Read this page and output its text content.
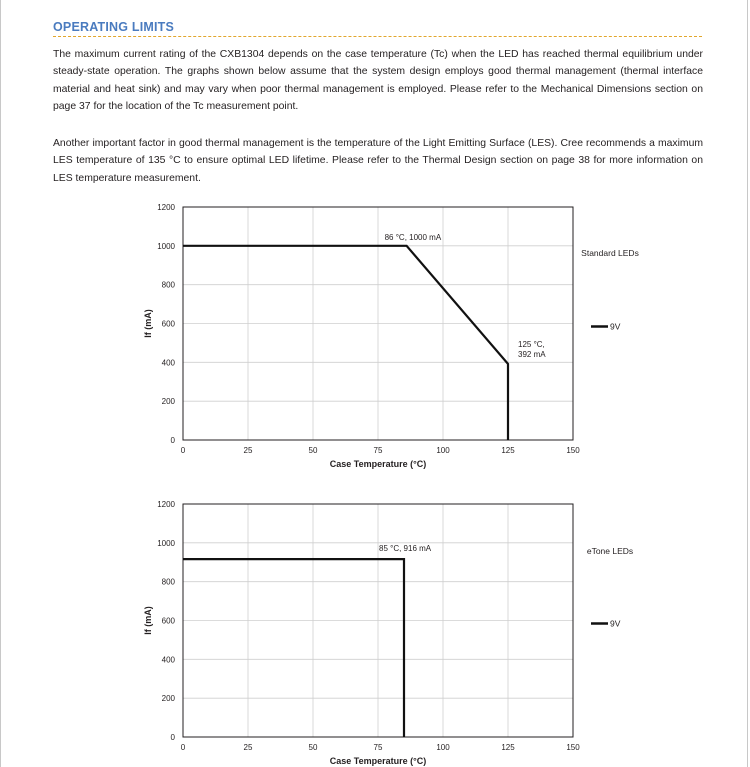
OPERATING LIMITS
The maximum current rating of the CXB1304 depends on the case temperature (Tc) when the LED has reached thermal equilibrium under steady-state operation. The graphs shown below assume that the system design employs good thermal management (thermal interface material and heat sink) and may vary when poor thermal management is employed. Please refer to the Mechanical Dimensions section on page 37 for the location of the Tc measurement point.
Another important factor in good thermal management is the temperature of the Light Emitting Surface (LES). Cree recommends a maximum LES temperature of 135 °C to ensure optimal LED lifetime. Please refer to the Thermal Design section on page 38 for more information on LES temperature measurement.
0	25	50	75	100	125	150
0
200
400
600
800
1000
1200
Case Temperature (°C)
If (mA)
86 °C, 1000 mA
125 °C, 392 mA
Standard LEDs
9V
0	25	50	75	100	125	150
0
200
400
600
800
1000
1200
Case Temperature (°C)
If (mA)
85 °C, 916 mA	eTone LEDs
9V
